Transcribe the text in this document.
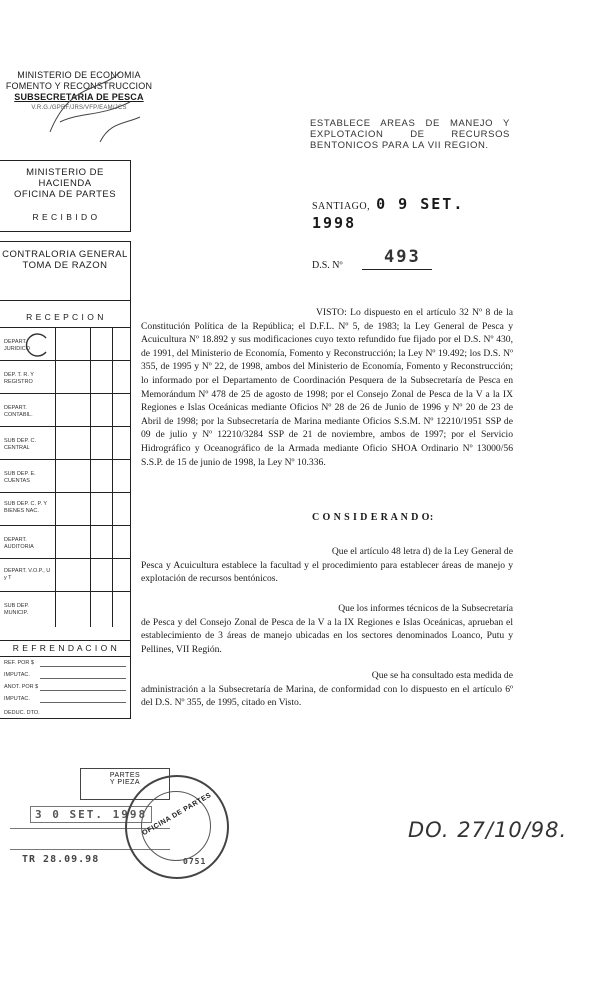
MINISTERIO DE ECONOMIA
FOMENTO Y RECONSTRUCCION
SUBSECRETARIA DE PESCA
V.R.G./GPRF/JRS/VFP/EAM/JCS
MINISTERIO DE HACIENDA
OFICINA DE PARTES
R E C I B I D O
CONTRALORIA GENERAL
TOMA DE RAZON
R E C E P C I O N
DEPART. JURIDICO
DEP. T. R. Y REGISTRO
DEPART. CONTABIL.
SUB DEP. C. CENTRAL
SUB DEP. E. CUENTAS
SUB DEP. C. P. Y BIENES NAC.
DEPART. AUDITORIA
DEPART. V.O.P., U y T
SUB DEP. MUNICIP.
R E F R E N D A C I O N
REF. POR $
IMPUTAC.
ANOT. POR $
IMPUTAC.
DEDUC. DTO.
ESTABLECE AREAS DE MANEJO Y
EXPLOTACION DE RECURSOS
BENTONICOS PARA LA VII REGION.
SANTIAGO, 0 9 SET. 1998
D.S. Nº 493
VISTO: Lo dispuesto en el artículo 32 Nº 8 de la Constitución Política de la República; el D.F.L. Nº 5, de 1983; la Ley General de Pesca y Acuicultura Nº 18.892 y sus modificaciones cuyo texto refundido fue fijado por el D.S. Nº 430, de 1991, del Ministerio de Economía, Fomento y Reconstrucción; la Ley Nº 19.492; los D.S. Nº 355, de 1995 y Nº 22, de 1998, ambos del Ministerio de Economía, Fomento y Reconstrucción; lo informado por el Departamento de Coordinación Pesquera de la Subsecretaría de Pesca en Memorándum Nº 478 de 25 de agosto de 1998; por el Consejo Zonal de Pesca de la V a la IX Regiones e Islas Oceánicas mediante Oficios Nº 28 de 26 de Junio de 1996 y Nº 20 de 23 de Abril de 1998; por la Subsecretaría de Marina mediante Oficios S.S.M. Nº 12210/1951 SSP de 09 de julio y Nº 12210/3284 SSP de 21 de noviembre, ambos de 1997; por el Servicio Hidrográfico y Oceanográfico de la Armada mediante Oficio SHOA Ordinario Nº 13000/56 S.S.P. de 15 de junio de 1998, la Ley Nº 10.336.
C O N S I D E R A N D O:
Que el artículo 48 letra d) de la Ley General de
Pesca y Acuicultura establece la facultad y el procedimiento para establecer áreas de manejo y explotación de recursos bentónicos.
Que los informes técnicos de la Subsecretaría
de Pesca y del Consejo Zonal de Pesca de la V a la IX Regiones e Islas Oceánicas, aprueban el establecimiento de 3 áreas de manejo ubicadas en los sectores denominados Loanco, Putu y Pellines, VII Región.
Que se ha consultado esta medida de
administración a la Subsecretaría de Marina, de conformidad con lo dispuesto en el artículo 6º del D.S. Nº 355, de 1995, citado en Visto.
PARTES
Y PIEZA
3 0 SET. 1998
TR 28.09.98
OFICINA DE PARTES
0751
DO. 27/10/98.
